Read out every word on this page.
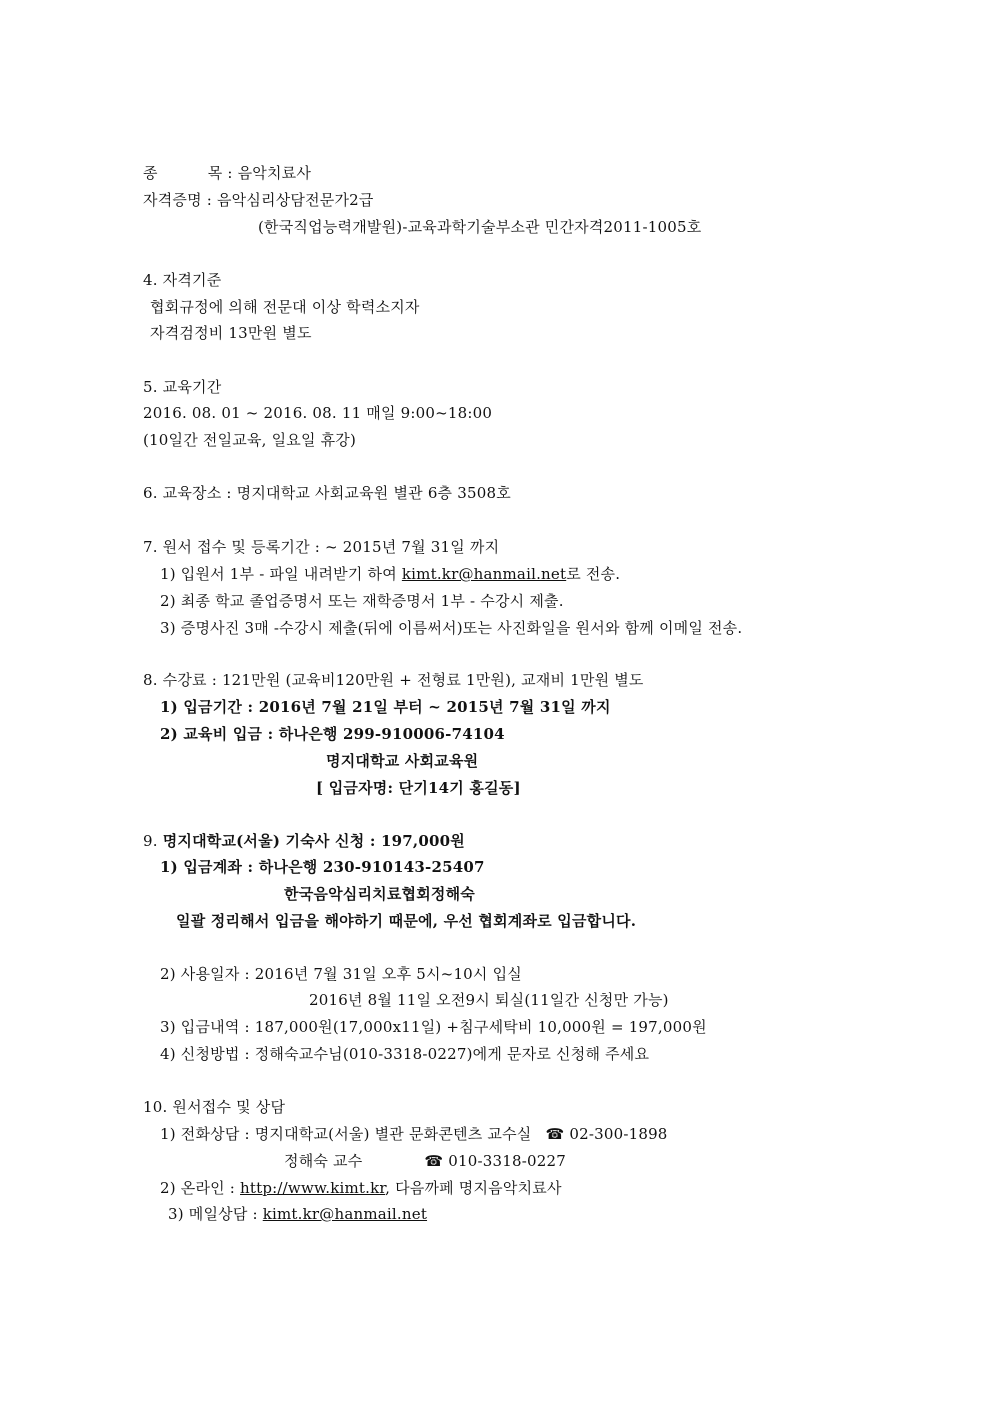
종	목 : 음악치료사
자격증명 : 음악심리상담전문가2급
(한국직업능력개발원)-교육과학기술부소관 민간자격2011-1005호
4. 자격기준
협회규정에 의해 전문대 이상 학력소지자
자격검정비 13만원 별도
5. 교육기간
2016. 08. 01 ~ 2016. 08. 11 매일 9:00~18:00
(10일간 전일교육, 일요일 휴강)
6. 교육장소 : 명지대학교 사회교육원 별관 6층 3508호
7. 원서 접수 및 등록기간 : ~ 2015년 7월 31일 까지
1) 입원서 1부 - 파일 내려받기 하여 kimt.kr@hanmail.net로 전송.
2) 최종 학교 졸업증명서 또는 재학증명서 1부 - 수강시 제출.
3) 증명사진 3매 -수강시 제출(뒤에 이름써서)또는 사진화일을 원서와 함께 이메일 전송.
8. 수강료 : 121만원 (교육비120만원 + 전형료 1만원), 교재비 1만원 별도
1) 입금기간 : 2016년 7월 21일 부터 ~ 2015년 7월 31일 까지
2) 교육비 입금 : 하나은행 299-910006-74104
명지대학교 사회교육원
[ 입금자명: 단기14기 홍길동]
9. 명지대학교(서울) 기숙사 신청 : 197,000원
1) 입금계좌 : 하나은행 230-910143-25407
한국음악심리치료협회정해숙
일괄 정리해서 입금을 해야하기 때문에, 우선 협회계좌로 입금합니다.
2) 사용일자 : 2016년 7월 31일 오후 5시~10시 입실
2016년 8월 11일 오전9시 퇴실(11일간 신청만 가능)
3) 입금내역 : 187,000원(17,000x11일) +침구세탁비 10,000원 = 197,000원
4) 신청방법 : 정해숙교수님(010-3318-0227)에게 문자로 신청해 주세요
10. 원서접수 및 상담
1) 전화상담 : 명지대학교(서울) 별관 문화콘텐츠 교수실 ☎ 02-300-1898
정해숙 교수	☎ 010-3318-0227
2) 온라인 : http://www.kimt.kr, 다음까페 명지음악치료사
3) 메일상담 : kimt.kr@hanmail.net
